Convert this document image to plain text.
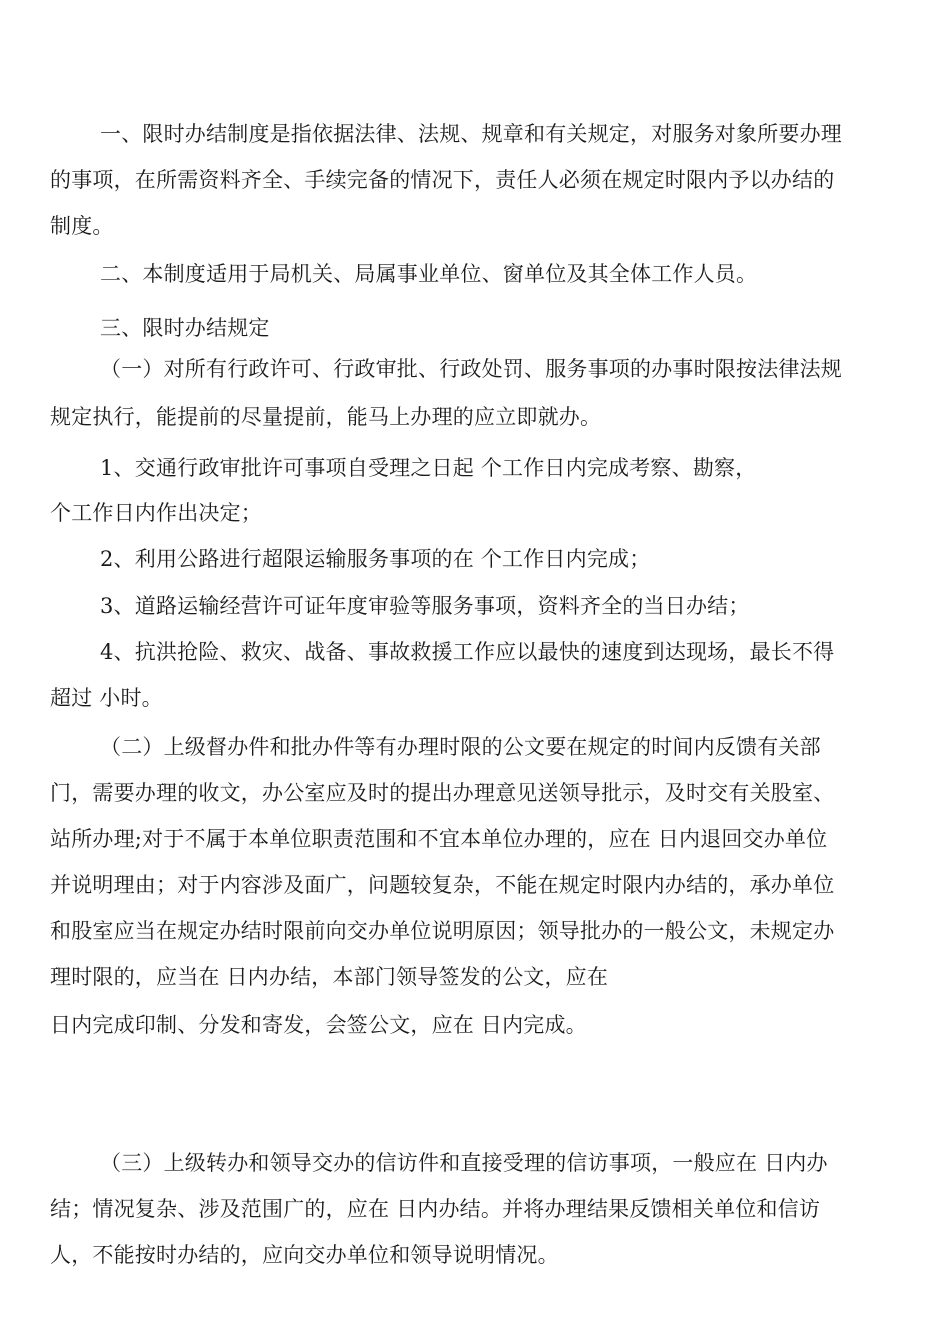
一、限时办结制度是指依据法律、法规、规章和有关规定，对服务对象所要办理
的事项，在所需资料齐全、手续完备的情况下，责任人必须在规定时限内予以办结的
制度。
二、本制度适用于局机关、局属事业单位、窗单位及其全体工作人员。
三、限时办结规定
（一）对所有行政许可、行政审批、行政处罚、服务事项的办事时限按法律法规
规定执行，能提前的尽量提前，能马上办理的应立即就办。
1、交通行政审批许可事项自受理之日起 个工作日内完成考察、勘察，
个工作日内作出决定；
2、利用公路进行超限运输服务事项的在 个工作日内完成；
3、道路运输经营许可证年度审验等服务事项，资料齐全的当日办结；
4、抗洪抢险、救灾、战备、事故救援工作应以最快的速度到达现场，最长不得
超过 小时。
（二）上级督办件和批办件等有办理时限的公文要在规定的时间内反馈有关部
门，需要办理的收文，办公室应及时的提出办理意见送领导批示，及时交有关股室、
站所办理;对于不属于本单位职责范围和不宜本单位办理的，应在 日内退回交办单位
并说明理由；对于内容涉及面广，问题较复杂，不能在规定时限内办结的，承办单位
和股室应当在规定办结时限前向交办单位说明原因；领导批办的一般公文，未规定办
理时限的，应当在 日内办结，本部门领导签发的公文，应在
日内完成印制、分发和寄发，会签公文，应在 日内完成。
（三）上级转办和领导交办的信访件和直接受理的信访事项，一般应在 日内办
结；情况复杂、涉及范围广的，应在 日内办结。并将办理结果反馈相关单位和信访
人，不能按时办结的，应向交办单位和领导说明情况。
